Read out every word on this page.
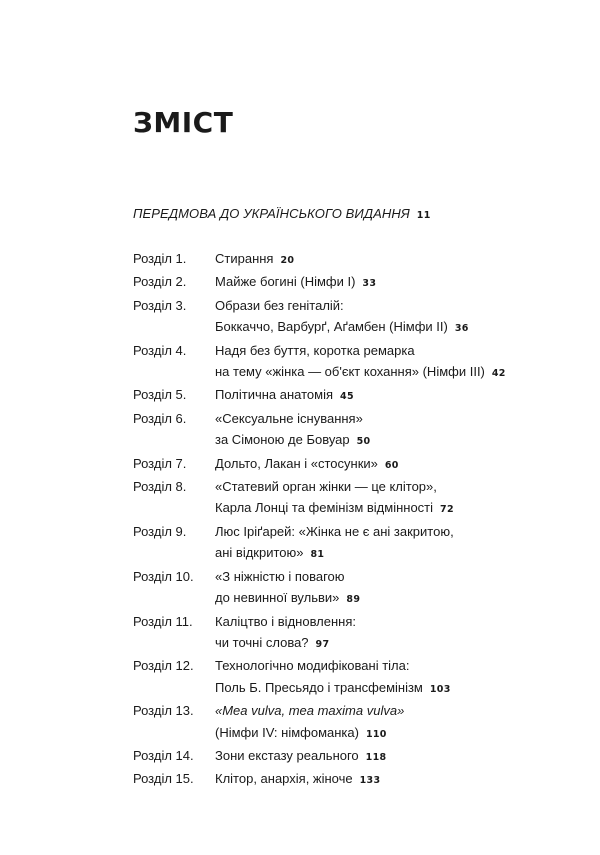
ЗМІСТ
ПЕРЕДМОВА ДО УКРАЇНСЬКОГО ВИДАННЯ 11
Розділ 1.	Стирання 20
Розділ 2.	Майже богині (Німфи I) 33
Розділ 3.	Образи без геніталій:
Боккаччо, Варбурґ, Аґамбен (Німфи II) 36
Розділ 4.	Надя без буття, коротка ремарка
на тему «жінка — об'єкт кохання» (Німфи III) 42
Розділ 5.	Політична анатомія 45
Розділ 6.	«Сексуальне існування»
за Сімоною де Бовуар 50
Розділ 7.	Дольто, Лакан і «стосунки» 60
Розділ 8.	«Статевий орган жінки — це клітор»,
Карла Лонці та фемінізм відмінності 72
Розділ 9.	Люс Іріґарей: «Жінка не є ані закритою,
ані відкритою» 81
Розділ 10.	«З ніжністю і повагою
до невинної вульви» 89
Розділ 11.	Каліцтво і відновлення:
чи точні слова? 97
Розділ 12.	Технологічно модифіковані тіла:
Поль Б. Пресьядо і трансфемінізм 103
Розділ 13.	«Mea vulva, mea maxima vulva»
(Німфи IV: німфоманка) 110
Розділ 14.	Зони екстазу реального 118
Розділ 15.	Клітор, анархія, жіноче 133
